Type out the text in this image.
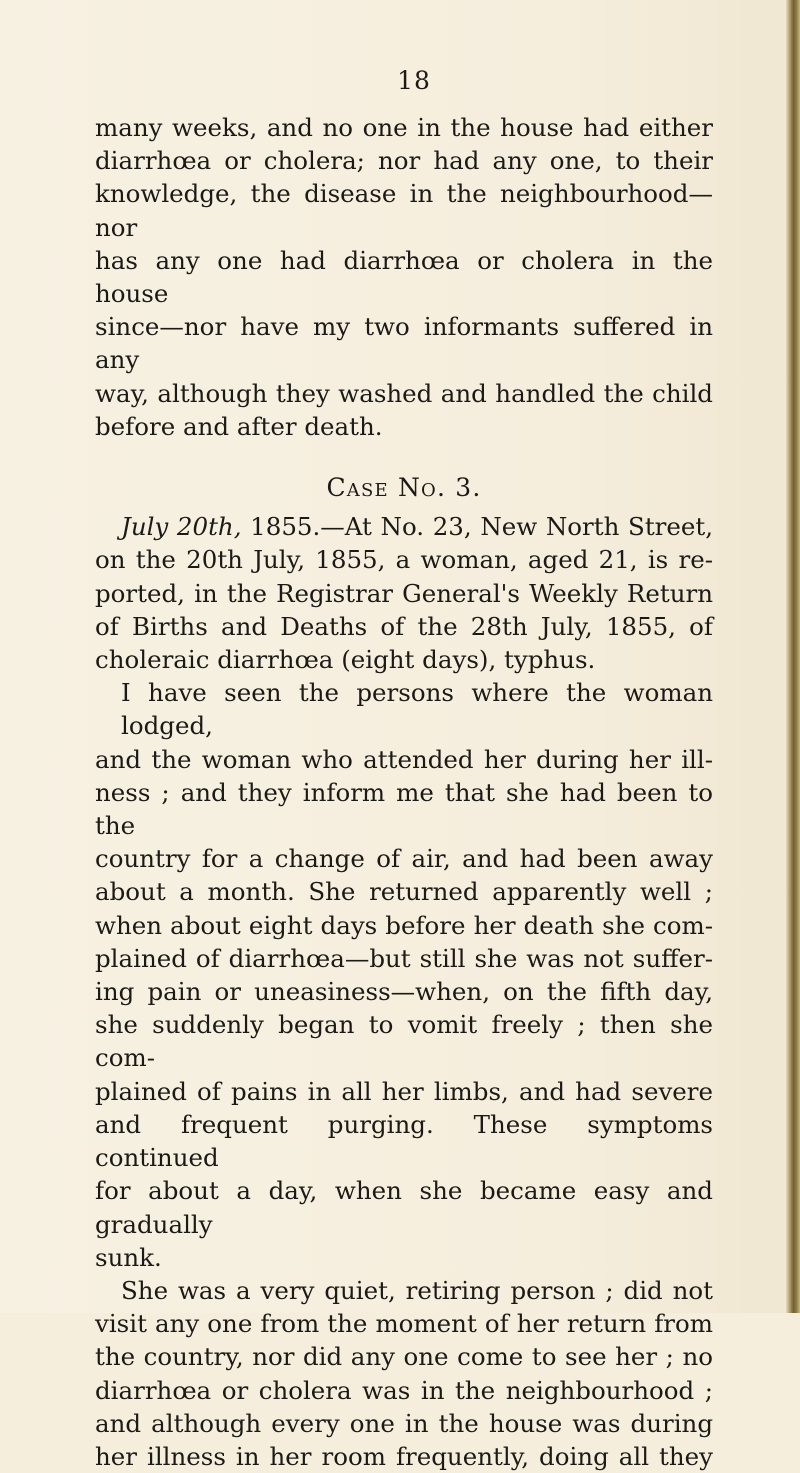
18
many weeks, and no one in the house had either
diarrhœa or cholera; nor had any one, to their
knowledge, the disease in the neighbourhood—nor
has any one had diarrhœa or cholera in the house
since—nor have my two informants suffered in any
way, although they washed and handled the child
before and after death.
Case No. 3.
July 20th, 1855.—At No. 23, New North Street,
on the 20th July, 1855, a woman, aged 21, is re-
ported, in the Registrar General's Weekly Return
of Births and Deaths of the 28th July, 1855, of
choleraic diarrhœa (eight days), typhus.
I have seen the persons where the woman lodged,
and the woman who attended her during her ill-
ness ; and they inform me that she had been to the
country for a change of air, and had been away
about a month. She returned apparently well ;
when about eight days before her death she com-
plained of diarrhœa—but still she was not suffer-
ing pain or uneasiness—when, on the fifth day,
she suddenly began to vomit freely ; then she com-
plained of pains in all her limbs, and had severe
and frequent purging. These symptoms continued
for about a day, when she became easy and gradually
sunk.
She was a very quiet, retiring person ; did not
visit any one from the moment of her return from
the country, nor did any one come to see her ; no
diarrhœa or cholera was in the neighbourhood ;
and although every one in the house was during
her illness in her room frequently, doing all they
